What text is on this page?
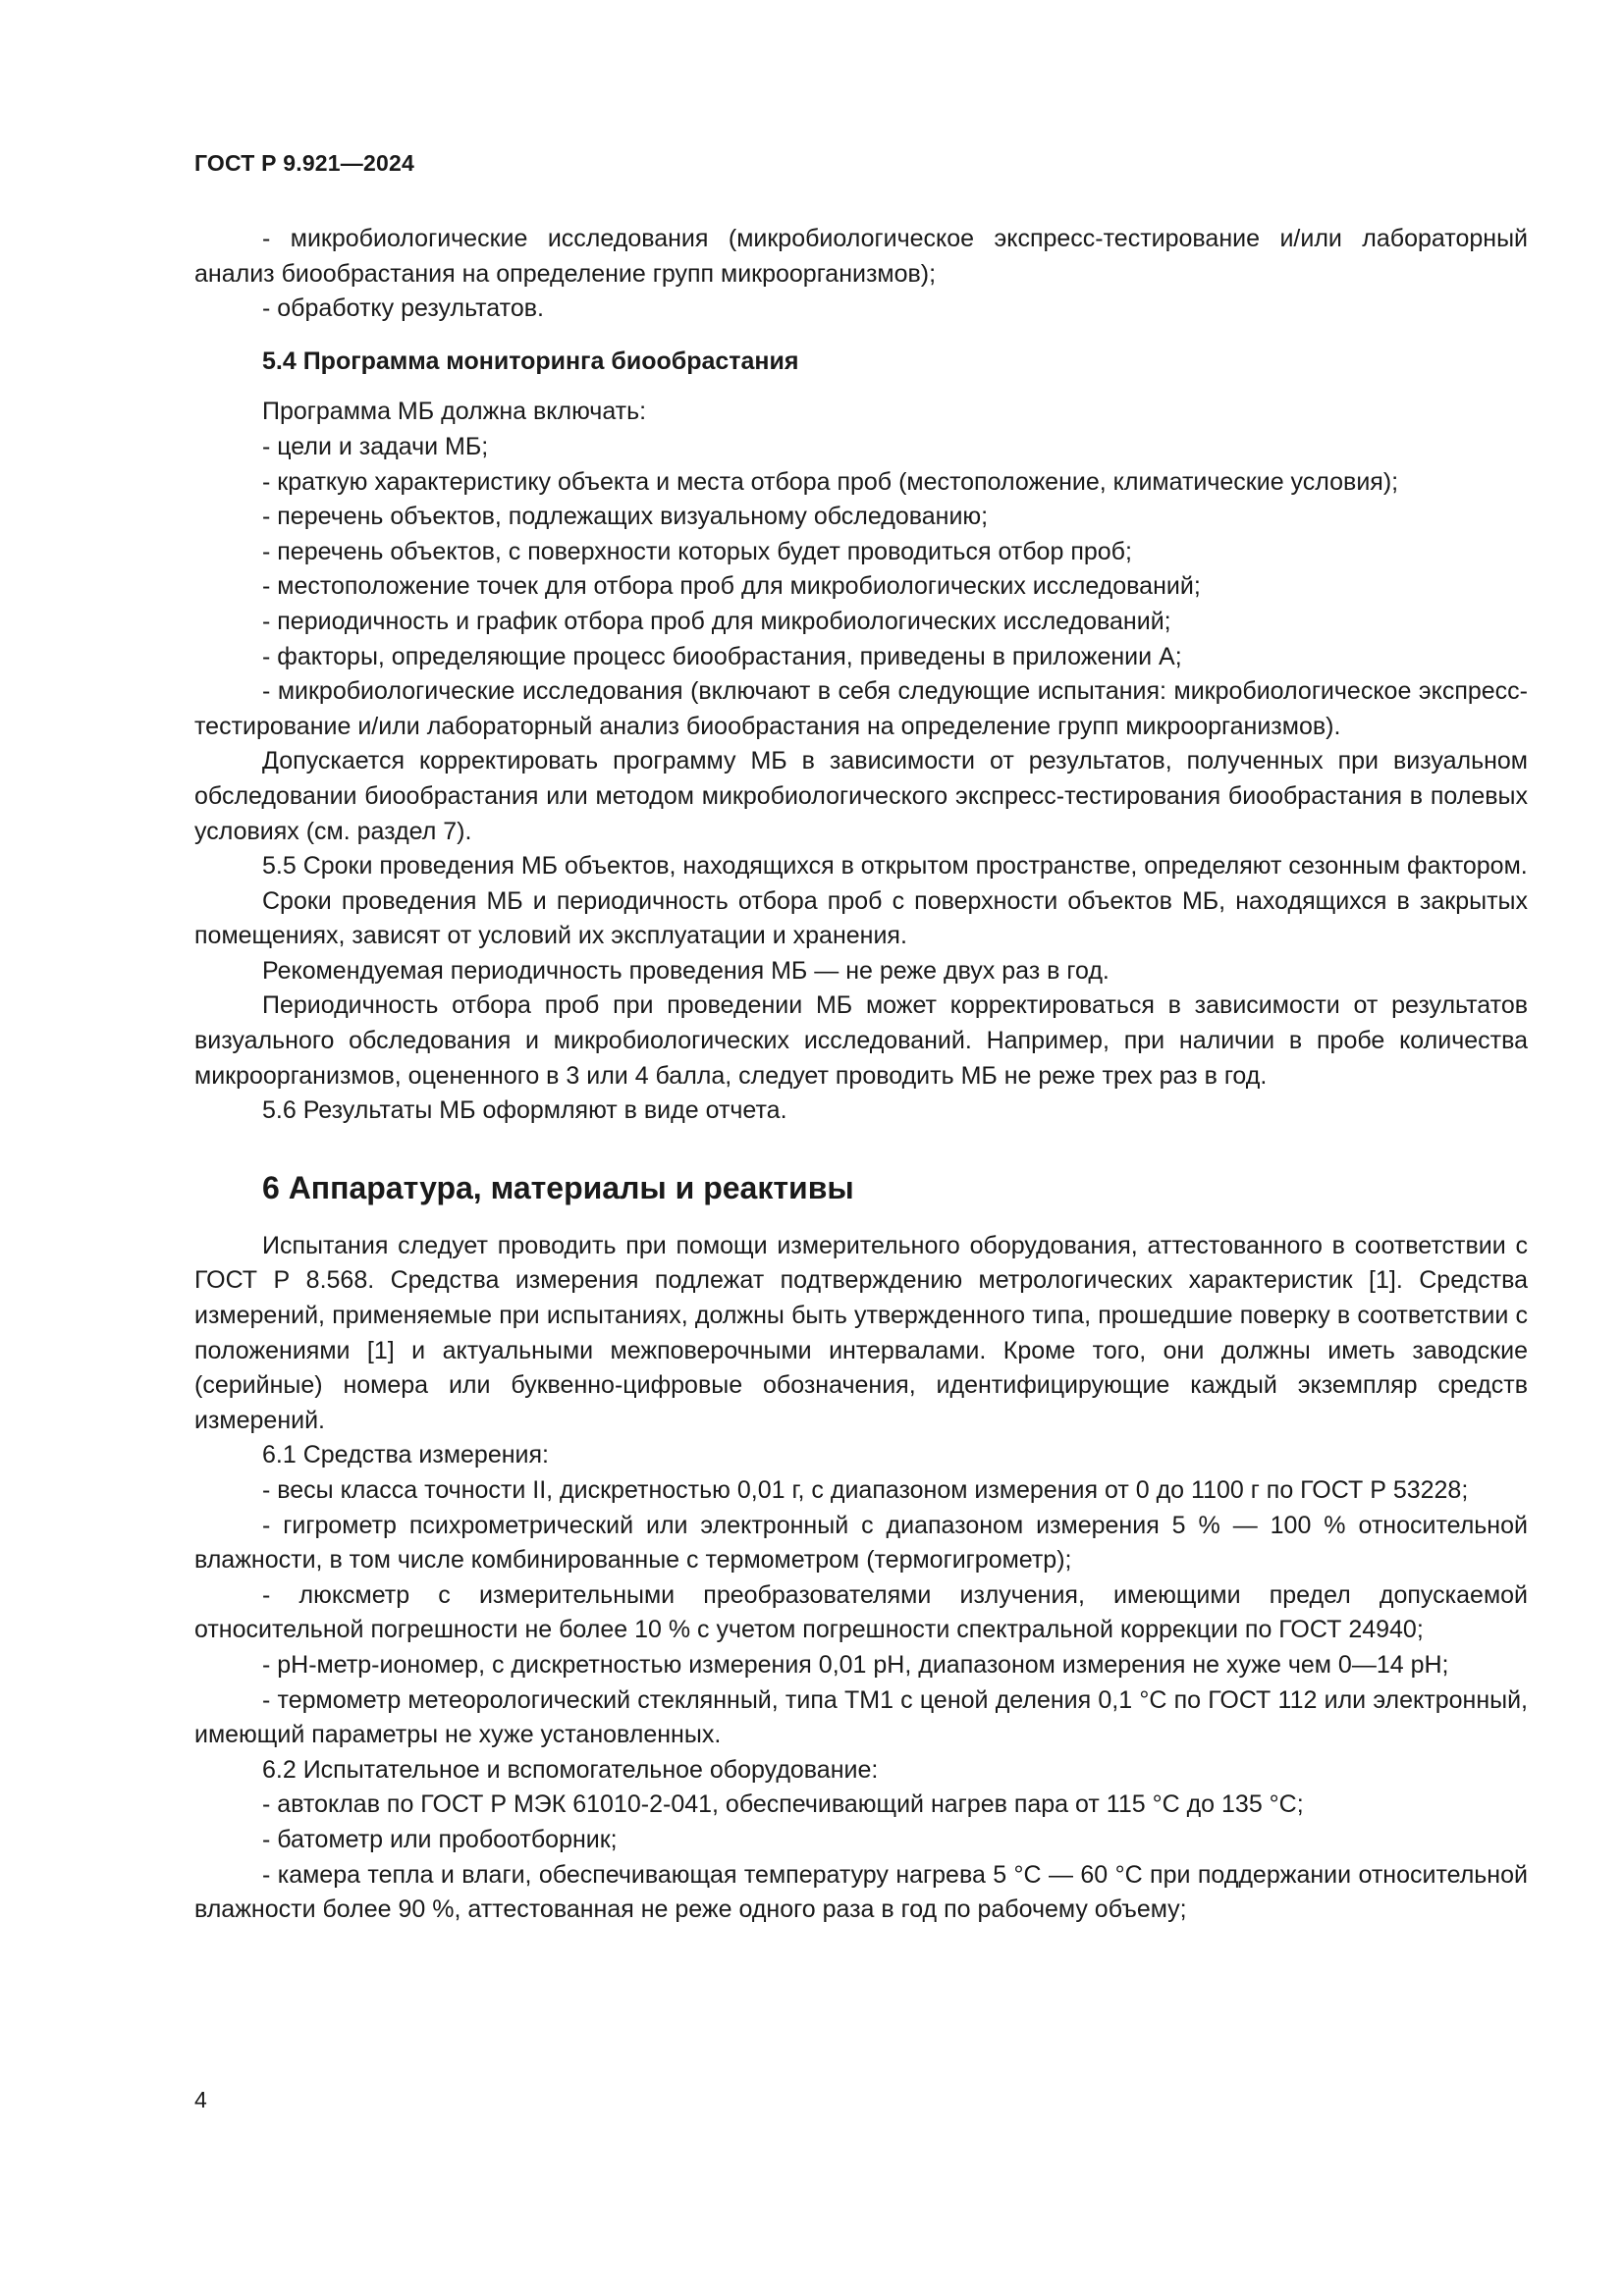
ГОСТ Р 9.921—2024

- микробиологические исследования (микробиологическое экспресс-тестирование и/или лабораторный анализ биообрастания на определение групп микроорганизмов);

- обработку результатов.

5.4 Программа мониторинга биообрастания

Программа МБ должна включать:

- цели и задачи МБ;

- краткую характеристику объекта и места отбора проб (местоположение, климатические условия);

- перечень объектов, подлежащих визуальному обследованию;

- перечень объектов, с поверхности которых будет проводиться отбор проб;

- местоположение точек для отбора проб для микробиологических исследований;

- периодичность и график отбора проб для микробиологических исследований;

- факторы, определяющие процесс биообрастания, приведены в приложении А;

- микробиологические исследования (включают в себя следующие испытания: микробиологическое экспресс-тестирование и/или лабораторный анализ биообрастания на определение групп микроорганизмов).

Допускается корректировать программу МБ в зависимости от результатов, полученных при визуальном обследовании биообрастания или методом микробиологического экспресс-тестирования биообрастания в полевых условиях (см. раздел 7).

5.5 Сроки проведения МБ объектов, находящихся в открытом пространстве, определяют сезонным фактором.

Сроки проведения МБ и периодичность отбора проб с поверхности объектов МБ, находящихся в закрытых помещениях, зависят от условий их эксплуатации и хранения.

Рекомендуемая периодичность проведения МБ — не реже двух раз в год.

Периодичность отбора проб при проведении МБ может корректироваться в зависимости от результатов визуального обследования и микробиологических исследований. Например, при наличии в пробе количества микроорганизмов, оцененного в 3 или 4 балла, следует проводить МБ не реже трех раз в год.

5.6 Результаты МБ оформляют в виде отчета.

6 Аппаратура, материалы и реактивы

Испытания следует проводить при помощи измерительного оборудования, аттестованного в соответствии с ГОСТ Р 8.568. Средства измерения подлежат подтверждению метрологических характеристик [1]. Средства измерений, применяемые при испытаниях, должны быть утвержденного типа, прошедшие поверку в соответствии с положениями [1] и актуальными межповерочными интервалами. Кроме того, они должны иметь заводские (серийные) номера или буквенно-цифровые обозначения, идентифицирующие каждый экземпляр средств измерений.

6.1 Средства измерения:

- весы класса точности II, дискретностью 0,01 г, с диапазоном измерения от 0 до 1100 г по ГОСТ Р 53228;

- гигрометр психрометрический или электронный с диапазоном измерения 5 % — 100 % относительной влажности, в том числе комбинированные с термометром (термогигрометр);

- люксметр с измерительными преобразователями излучения, имеющими предел допускаемой относительной погрешности не более 10 % с учетом погрешности спектральной коррекции по ГОСТ 24940;

- pH-метр-иономер, с дискретностью измерения 0,01 pH, диапазоном измерения не хуже чем 0—14 pH;

- термометр метеорологический стеклянный, типа ТМ1 с ценой деления 0,1 °С по ГОСТ 112 или электронный, имеющий параметры не хуже установленных.

6.2 Испытательное и вспомогательное оборудование:

- автоклав по ГОСТ Р МЭК 61010-2-041, обеспечивающий нагрев пара от 115 °С до 135 °С;

- батометр или пробоотборник;

- камера тепла и влаги, обеспечивающая температуру нагрева 5 °С — 60 °С при поддержании относительной влажности более 90 %, аттестованная не реже одного раза в год по рабочему объему;

4
